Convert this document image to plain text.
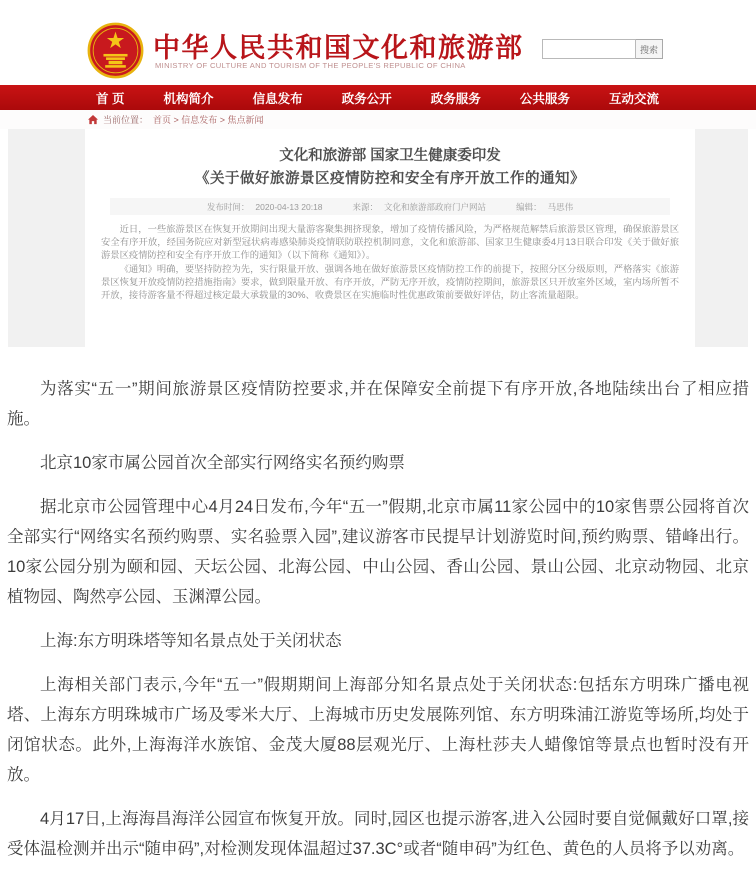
中华人民共和国文化和旅游部
MINISTRY OF CULTURE AND TOURISM OF THE PEOPLE'S REPUBLIC OF CHINA
搜索
首 页	机构简介	信息发布	政务公开	政务服务	公共服务	互动交流
当前位置： 首页 > 信息发布 > 焦点新闻
文化和旅游部 国家卫生健康委印发
《关于做好旅游景区疫情防控和安全有序开放工作的通知》
发布时间： 2020-04-13 20:18	来源： 文化和旅游部政府门户网站	编辑： 马思伟

近日，一些旅游景区在恢复开放期间出现大量游客聚集拥挤现象，增加了疫情传播风险，为严格规范解禁后旅游景区管理，确保旅游景区安全有序开放，经国务院应对新型冠状病毒感染肺炎疫情联防联控机制同意，文化和旅游部、国家卫生健康委4月13日联合印发《关于做好旅游景区疫情防控和安全有序开放工作的通知》（以下简称《通知》）。

《通知》明确，要坚持防控为先，实行限量开放、强调各地在做好旅游景区疫情防控工作的前提下，按照分区分级原则，严格落实《旅游景区恢复开放疫情防控措施指南》要求，做到限量开放、有序开放，严防无序开放，疫情防控期间，旅游景区只开放室外区域，室内场所暂不开放，接待游客量不得超过核定最大承载量的30%、收费景区在实施临时性优惠政策前要做好评估，防止客流量超限。

为落实“五一”期间旅游景区疫情防控要求,并在保障安全前提下有序开放,各地陆续出台了相应措施。

北京10家市属公园首次全部实行网络实名预约购票

据北京市公园管理中心4月24日发布,今年“五一”假期,北京市属11家公园中的10家售票公园将首次全部实行“网络实名预约购票、实名验票入园”,建议游客市民提早计划游览时间,预约购票、错峰出行。10家公园分别为颐和园、天坛公园、北海公园、中山公园、香山公园、景山公园、北京动物园、北京植物园、陶然亭公园、玉渊潭公园。

上海:东方明珠塔等知名景点处于关闭状态

上海相关部门表示,今年“五一”假期期间上海部分知名景点处于关闭状态:包括东方明珠广播电视塔、上海东方明珠城市广场及零米大厅、上海城市历史发展陈列馆、东方明珠浦江游览等场所,均处于闭馆状态。此外,上海海洋水族馆、金茂大厦88层观光厅、上海杜莎夫人蜡像馆等景点也暂时没有开放。

4月17日,上海海昌海洋公园宣布恢复开放。同时,园区也提示游客,进入公园时要自觉佩戴好口罩,接受体温检测并出示“随申码”,对检测发现体温超过37.3C°或者“随申码”为红色、黄色的人员将予以劝离。
